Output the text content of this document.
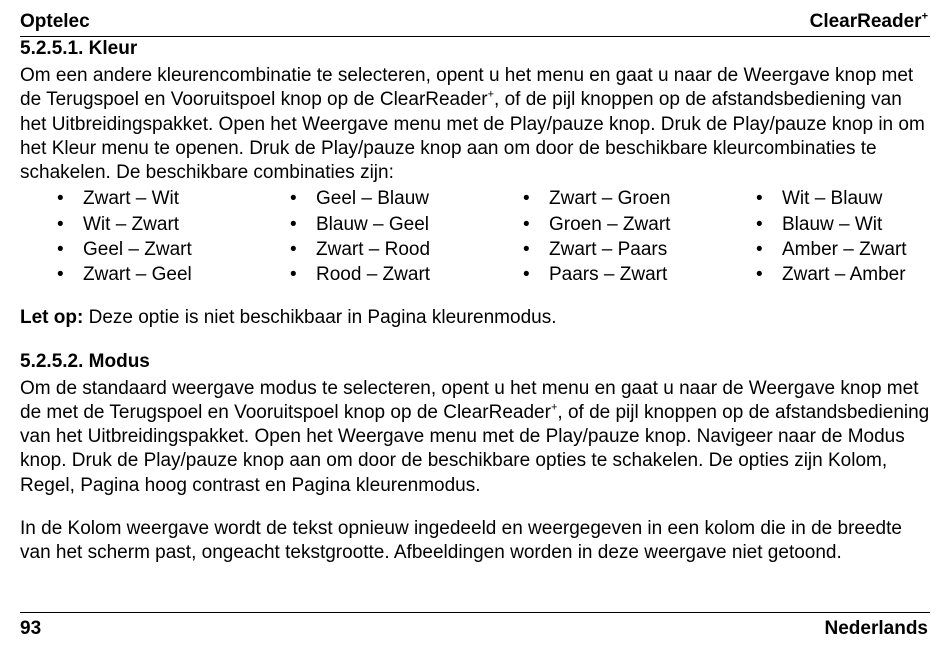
Optelec	ClearReader+
5.2.5.1. Kleur

Om een andere kleurencombinatie te selecteren, opent u het menu en gaat u naar de Weergave knop met de Terugspoel en Vooruitspoel knop op de ClearReader+, of de pijl knoppen op de afstandsbediening van het Uitbreidingspakket. Open het Weergave menu met de Play/pauze knop. Druk de Play/pauze knop in om het Kleur menu te openen. Druk de Play/pauze knop aan om door de beschikbare kleurcombinaties te schakelen. De beschikbare combinaties zijn:

• Zwart – Wit
• Wit – Zwart
• Geel – Zwart
• Zwart – Geel
• Geel – Blauw
• Blauw – Geel
• Zwart – Rood
• Rood – Zwart
• Zwart – Groen
• Groen – Zwart
• Zwart – Paars
• Paars – Zwart
• Wit – Blauw
• Blauw – Wit
• Amber – Zwart
• Zwart – Amber

Let op: Deze optie is niet beschikbaar in Pagina kleurenmodus.

5.2.5.2. Modus

Om de standaard weergave modus te selecteren, opent u het menu en gaat u naar de Weergave knop met de met de Terugspoel en Vooruitspoel knop op de ClearReader+, of de pijl knoppen op de afstandsbediening van het Uitbreidingspakket. Open het Weergave menu met de Play/pauze knop. Navigeer naar de Modus knop. Druk de Play/pauze knop aan om door de beschikbare opties te schakelen. De opties zijn Kolom, Regel, Pagina hoog contrast en Pagina kleurenmodus.

In de Kolom weergave wordt de tekst opnieuw ingedeeld en weergegeven in een kolom die in de breedte van het scherm past, ongeacht tekstgrootte. Afbeeldingen worden in deze weergave niet getoond.

93	Nederlands
